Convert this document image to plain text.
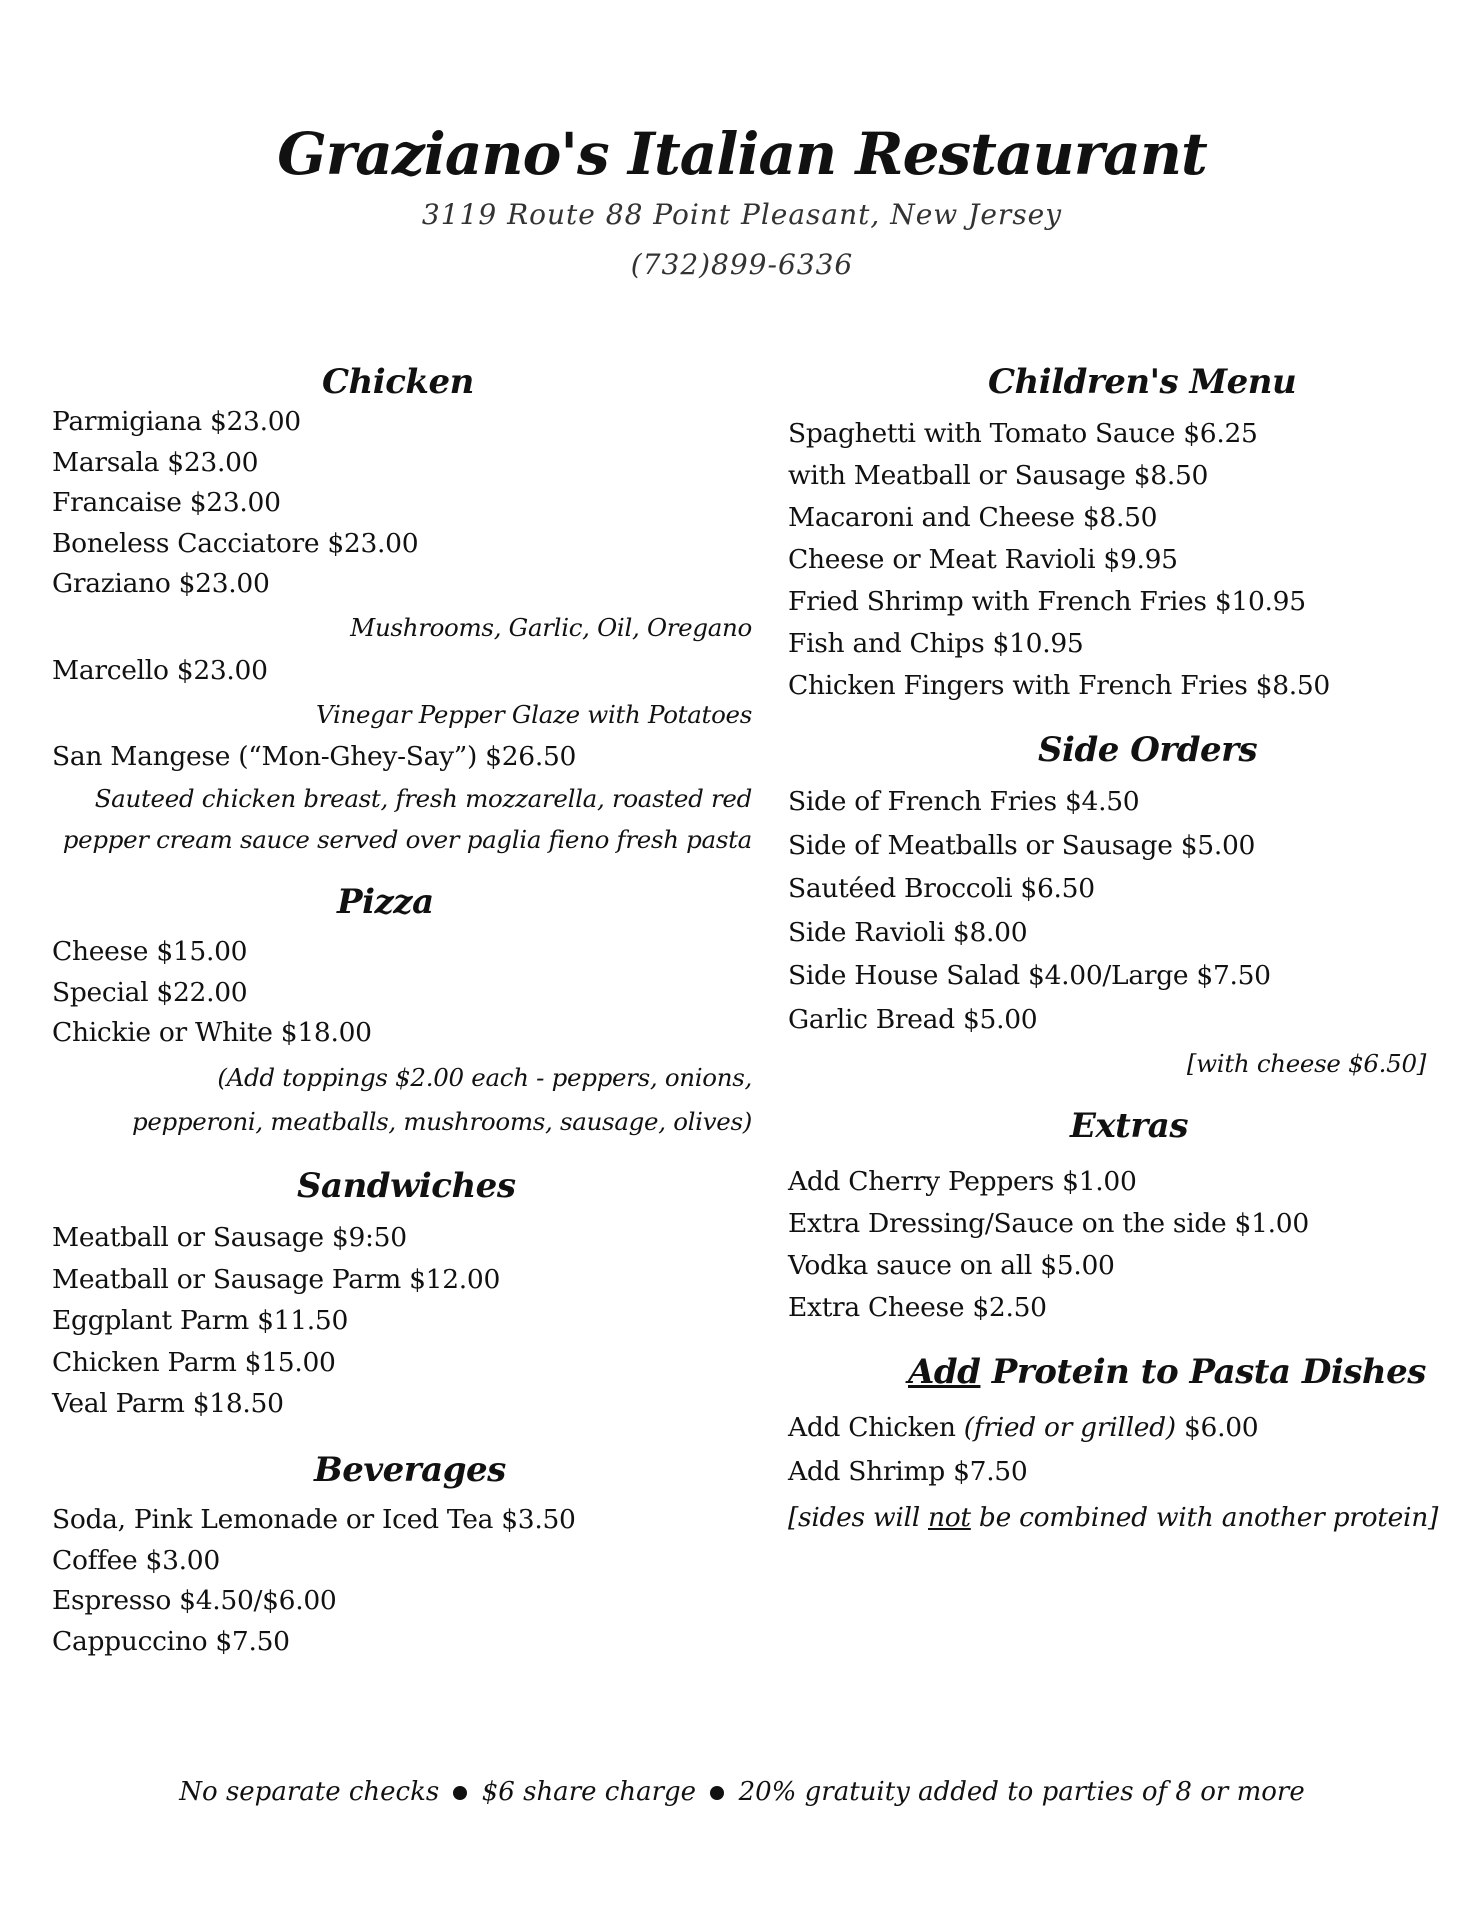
Graziano's Italian Restaurant
3119 Route 88 Point Pleasant, New Jersey
(732)899-6336
Chicken
Parmigiana $23.00
Marsala $23.00
Francaise $23.00
Boneless Cacciatore $23.00
Graziano $23.00
Mushrooms, Garlic, Oil, Oregano
Marcello $23.00
Vinegar Pepper Glaze with Potatoes
San Mangese (“Mon-Ghey-Say”) $26.50
Sauteed chicken breast, fresh mozzarella, roasted red
pepper cream sauce served over paglia fieno fresh pasta
Pizza
Cheese $15.00
Special $22.00
Chickie or White $18.00
(Add toppings $2.00 each - peppers, onions,
pepperoni, meatballs, mushrooms, sausage, olives)
Sandwiches
Meatball or Sausage $9:50
Meatball or Sausage Parm $12.00
Eggplant Parm $11.50
Chicken Parm $15.00
Veal Parm $18.50
Beverages
Soda, Pink Lemonade or Iced Tea $3.50
Coffee $3.00
Espresso $4.50/$6.00
Cappuccino $7.50
Children's Menu
Spaghetti with Tomato Sauce $6.25
with Meatball or Sausage $8.50
Macaroni and Cheese $8.50
Cheese or Meat Ravioli $9.95
Fried Shrimp with French Fries $10.95
Fish and Chips $10.95
Chicken Fingers with French Fries $8.50
Side Orders
Side of French Fries $4.50
Side of Meatballs or Sausage $5.00
Sautéed Broccoli $6.50
Side Ravioli $8.00
Side House Salad $4.00/Large $7.50
Garlic Bread $5.00
[with cheese $6.50]
Extras
Add Cherry Peppers $1.00
Extra Dressing/Sauce on the side $1.00
Vodka sauce on all $5.00
Extra Cheese $2.50
Add Protein to Pasta Dishes
Add Chicken (fried or grilled) $6.00
Add Shrimp $7.50
[sides will not be combined with another protein]
No separate checks $6 share charge 20% gratuity added to parties of 8 or more
